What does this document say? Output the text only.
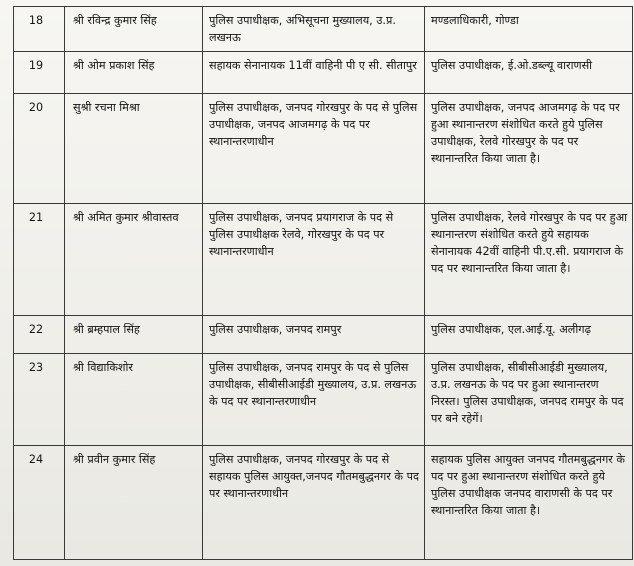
18	श्री रविन्द्र कुमार सिंह	पुलिस उपाधीक्षक, अभिसूचना मुख्यालय, उ.प्र. लखनऊ	मण्डलाधिकारी, गोण्डा
19	श्री ओम प्रकाश सिंह	सहायक सेनानायक 11वीं वाहिनी पी ए सी. सीतापुर	पुलिस उपाधीक्षक, ई.ओ.डब्ल्यू वाराणसी
20	सुश्री रचना मिश्रा	पुलिस उपाधीक्षक, जनपद गोरखपुर के पद से पुलिस उपाधीक्षक, जनपद आजमगढ़ के पद पर स्थानान्तरणाधीन	पुलिस उपाधीक्षक, जनपद आजमगढ़ के पद पर हुआ स्थानान्तरण संशोधित करते हुये पुलिस उपाधीक्षक, रेलवे गोरखपुर के पद पर स्थानान्तरित किया जाता है।
21	श्री अमित कुमार श्रीवास्तव	पुलिस उपाधीक्षक, जनपद प्रयागराज के पद से पुलिस उपाधीक्षक रेलवे, गोरखपुर के पद पर स्थानान्तरणाधीन	पुलिस उपाधीक्षक, रेलवे गोरखपुर के पद पर हुआ स्थानान्तरण संशोधित करते हुये सहायक सेनानायक 42वीं वाहिनी पी.ए.सी. प्रयागराज के पद पर स्थानान्तरित किया जाता है।
22	श्री ब्रम्हपाल सिंह	पुलिस उपाधीक्षक, जनपद रामपुर	पुलिस उपाधीक्षक, एल.आई.यू. अलीगढ़
23	श्री विद्याकिशोर	पुलिस उपाधीक्षक, जनपद रामपुर के पद से पुलिस उपाधीक्षक, सीबीसीआईडी मुख्यालय, उ.प्र. लखनऊ के पद पर स्थानान्तरणाधीन	पुलिस उपाधीक्षक, सीबीसीआईडी मुख्यालय, उ.प्र. लखनऊ के पद पर हुआ स्थानान्तरण निरस्त। पुलिस उपाधीक्षक, जनपद रामपुर के पद पर बने रहेगें।
24	श्री प्रवीन कुमार सिंह	पुलिस उपाधीक्षक, जनपद गोरखपुर के पद से सहायक पुलिस आयुक्त,जनपद गौतमबुद्धनगर के पद पर स्थानान्तरणाधीन	सहायक पुलिस आयुक्त जनपद गौतमबुद्धनगर के पद पर हुआ स्थानान्तरण संशोधित करते हुये पुलिस उपाधीक्षक जनपद वाराणसी के पद पर स्थानान्तरित किया जाता है।
